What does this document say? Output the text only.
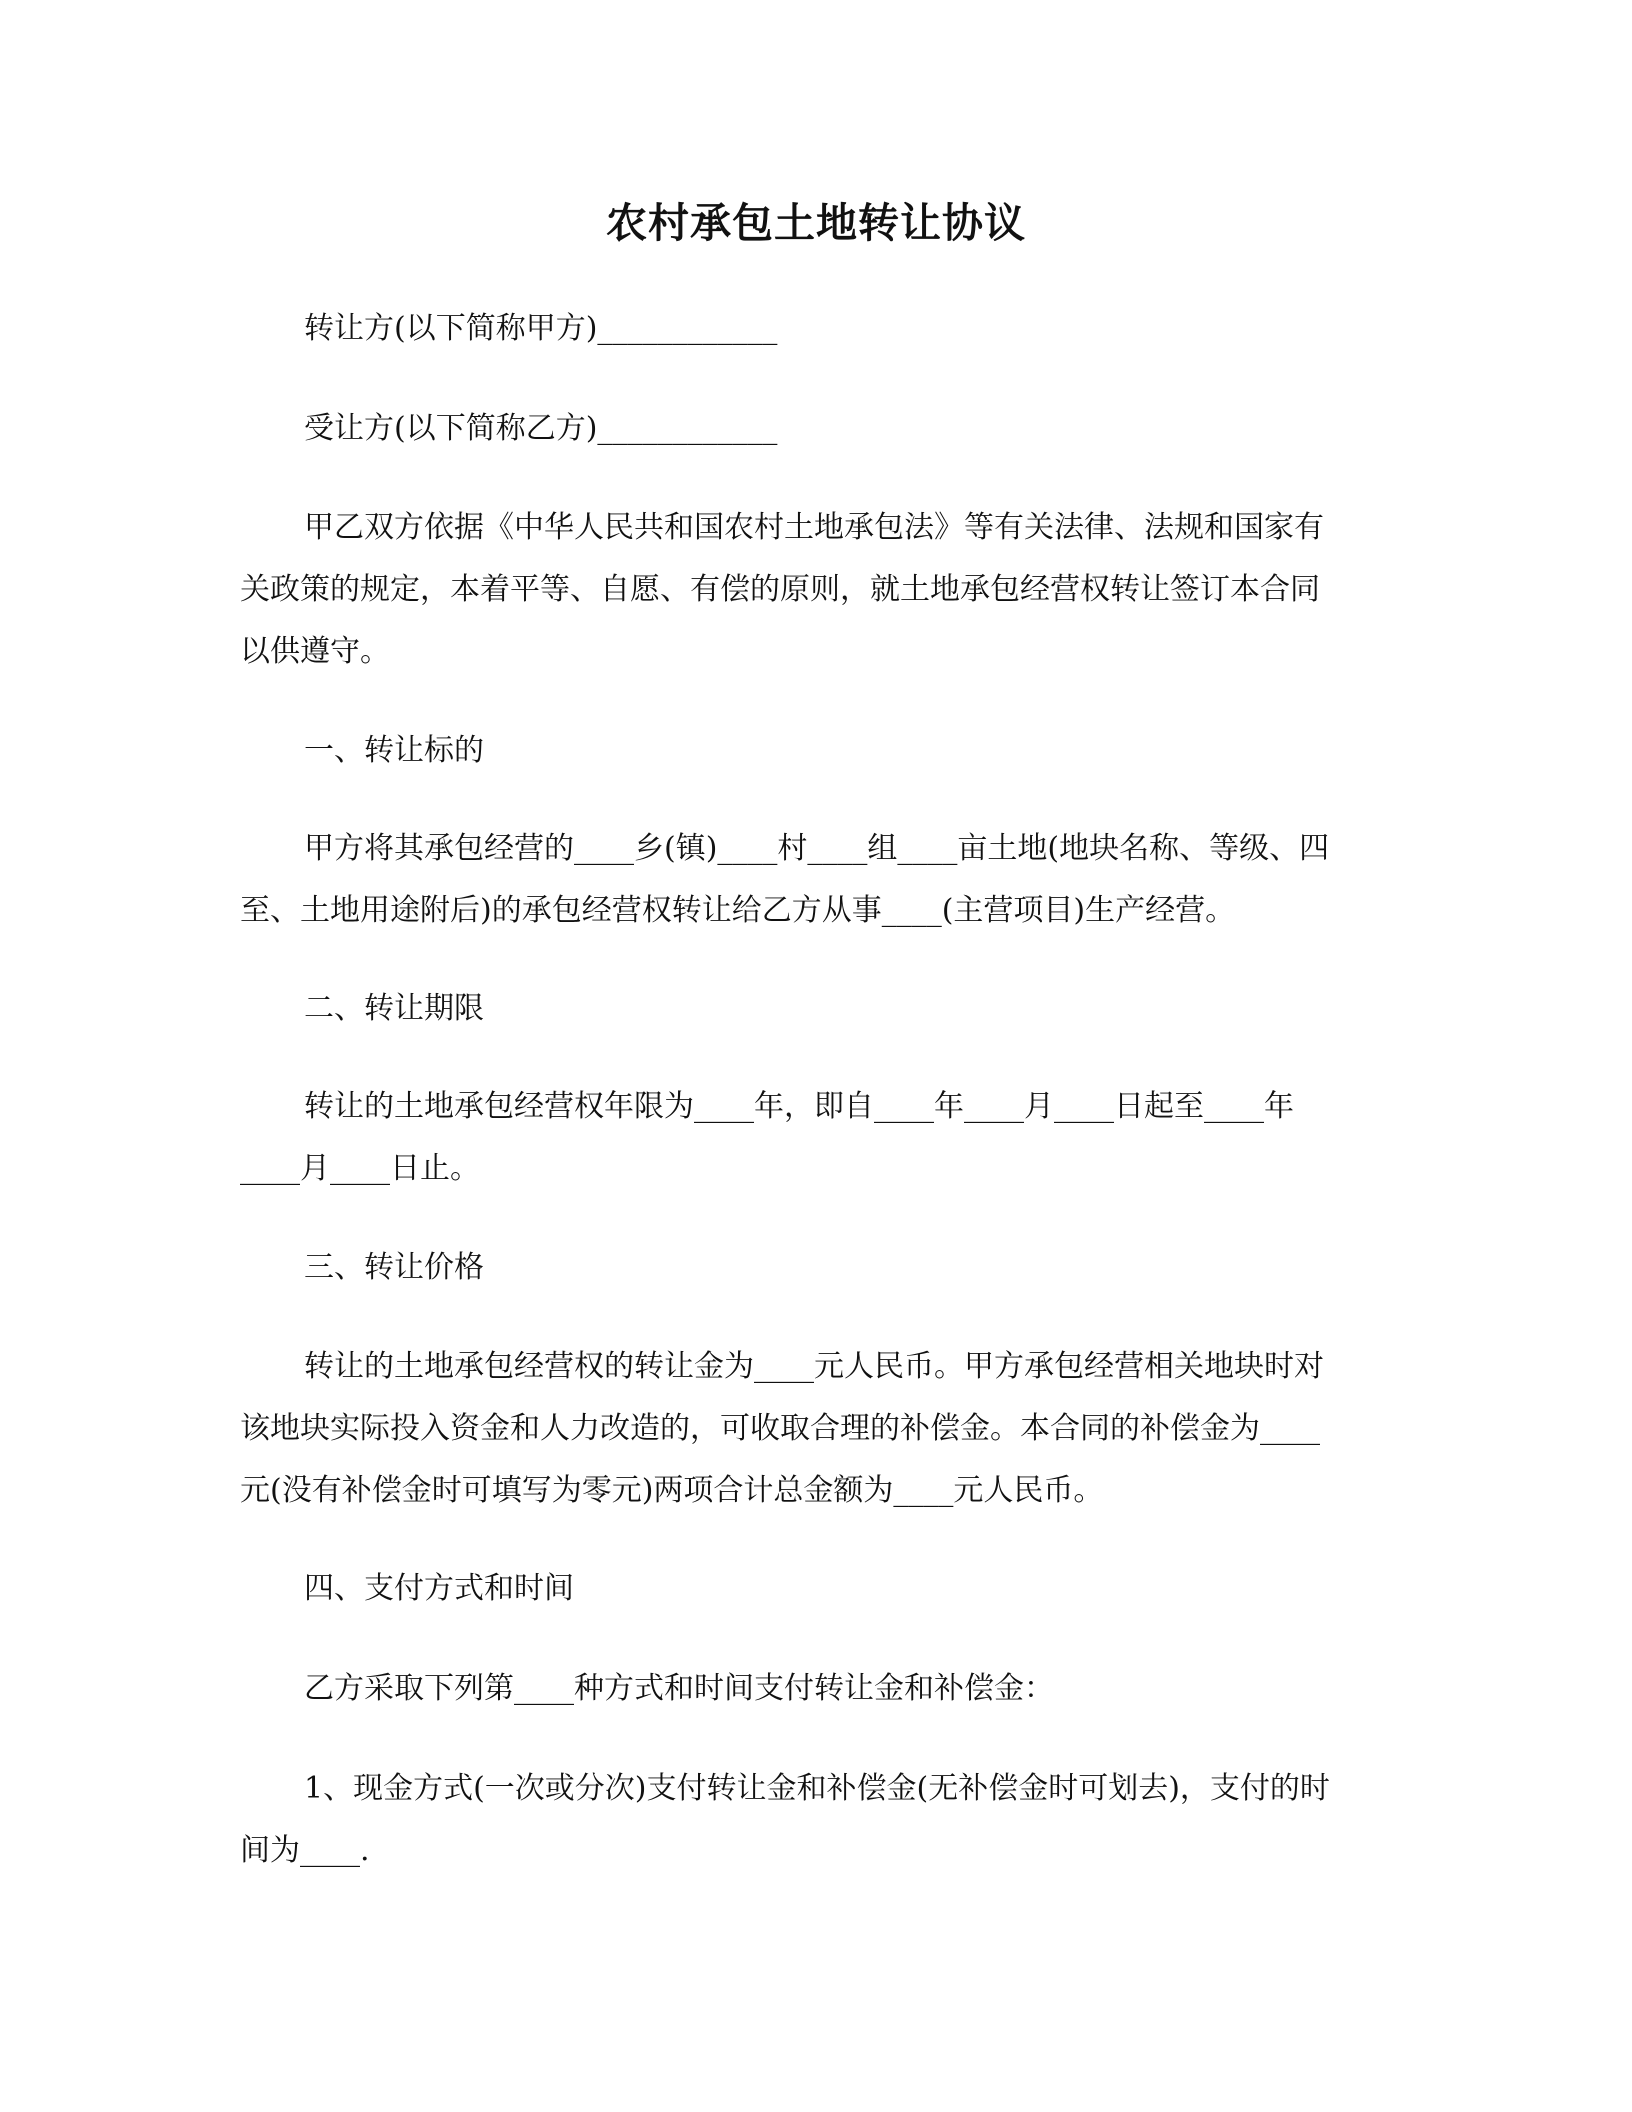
农村承包土地转让协议

转让方(以下简称甲方)____________

受让方(以下简称乙方)____________

甲乙双方依据《中华人民共和国农村土地承包法》等有关法律、法规和国家有
关政策的规定，本着平等、自愿、有偿的原则，就土地承包经营权转让签订本合同
以供遵守。

一、转让标的

甲方将其承包经营的____乡(镇)____村____组____亩土地(地块名称、等级、四
至、土地用途附后)的承包经营权转让给乙方从事____(主营项目)生产经营。

二、转让期限

转让的土地承包经营权年限为____年，即自____年____月____日起至____年
____月____日止。

三、转让价格

转让的土地承包经营权的转让金为____元人民币。甲方承包经营相关地块时对
该地块实际投入资金和人力改造的，可收取合理的补偿金。本合同的补偿金为____
元(没有补偿金时可填写为零元)两项合计总金额为____元人民币。

四、支付方式和时间

乙方采取下列第____种方式和时间支付转让金和补偿金：

1、现金方式(一次或分次)支付转让金和补偿金(无补偿金时可划去)，支付的时
间为____.
